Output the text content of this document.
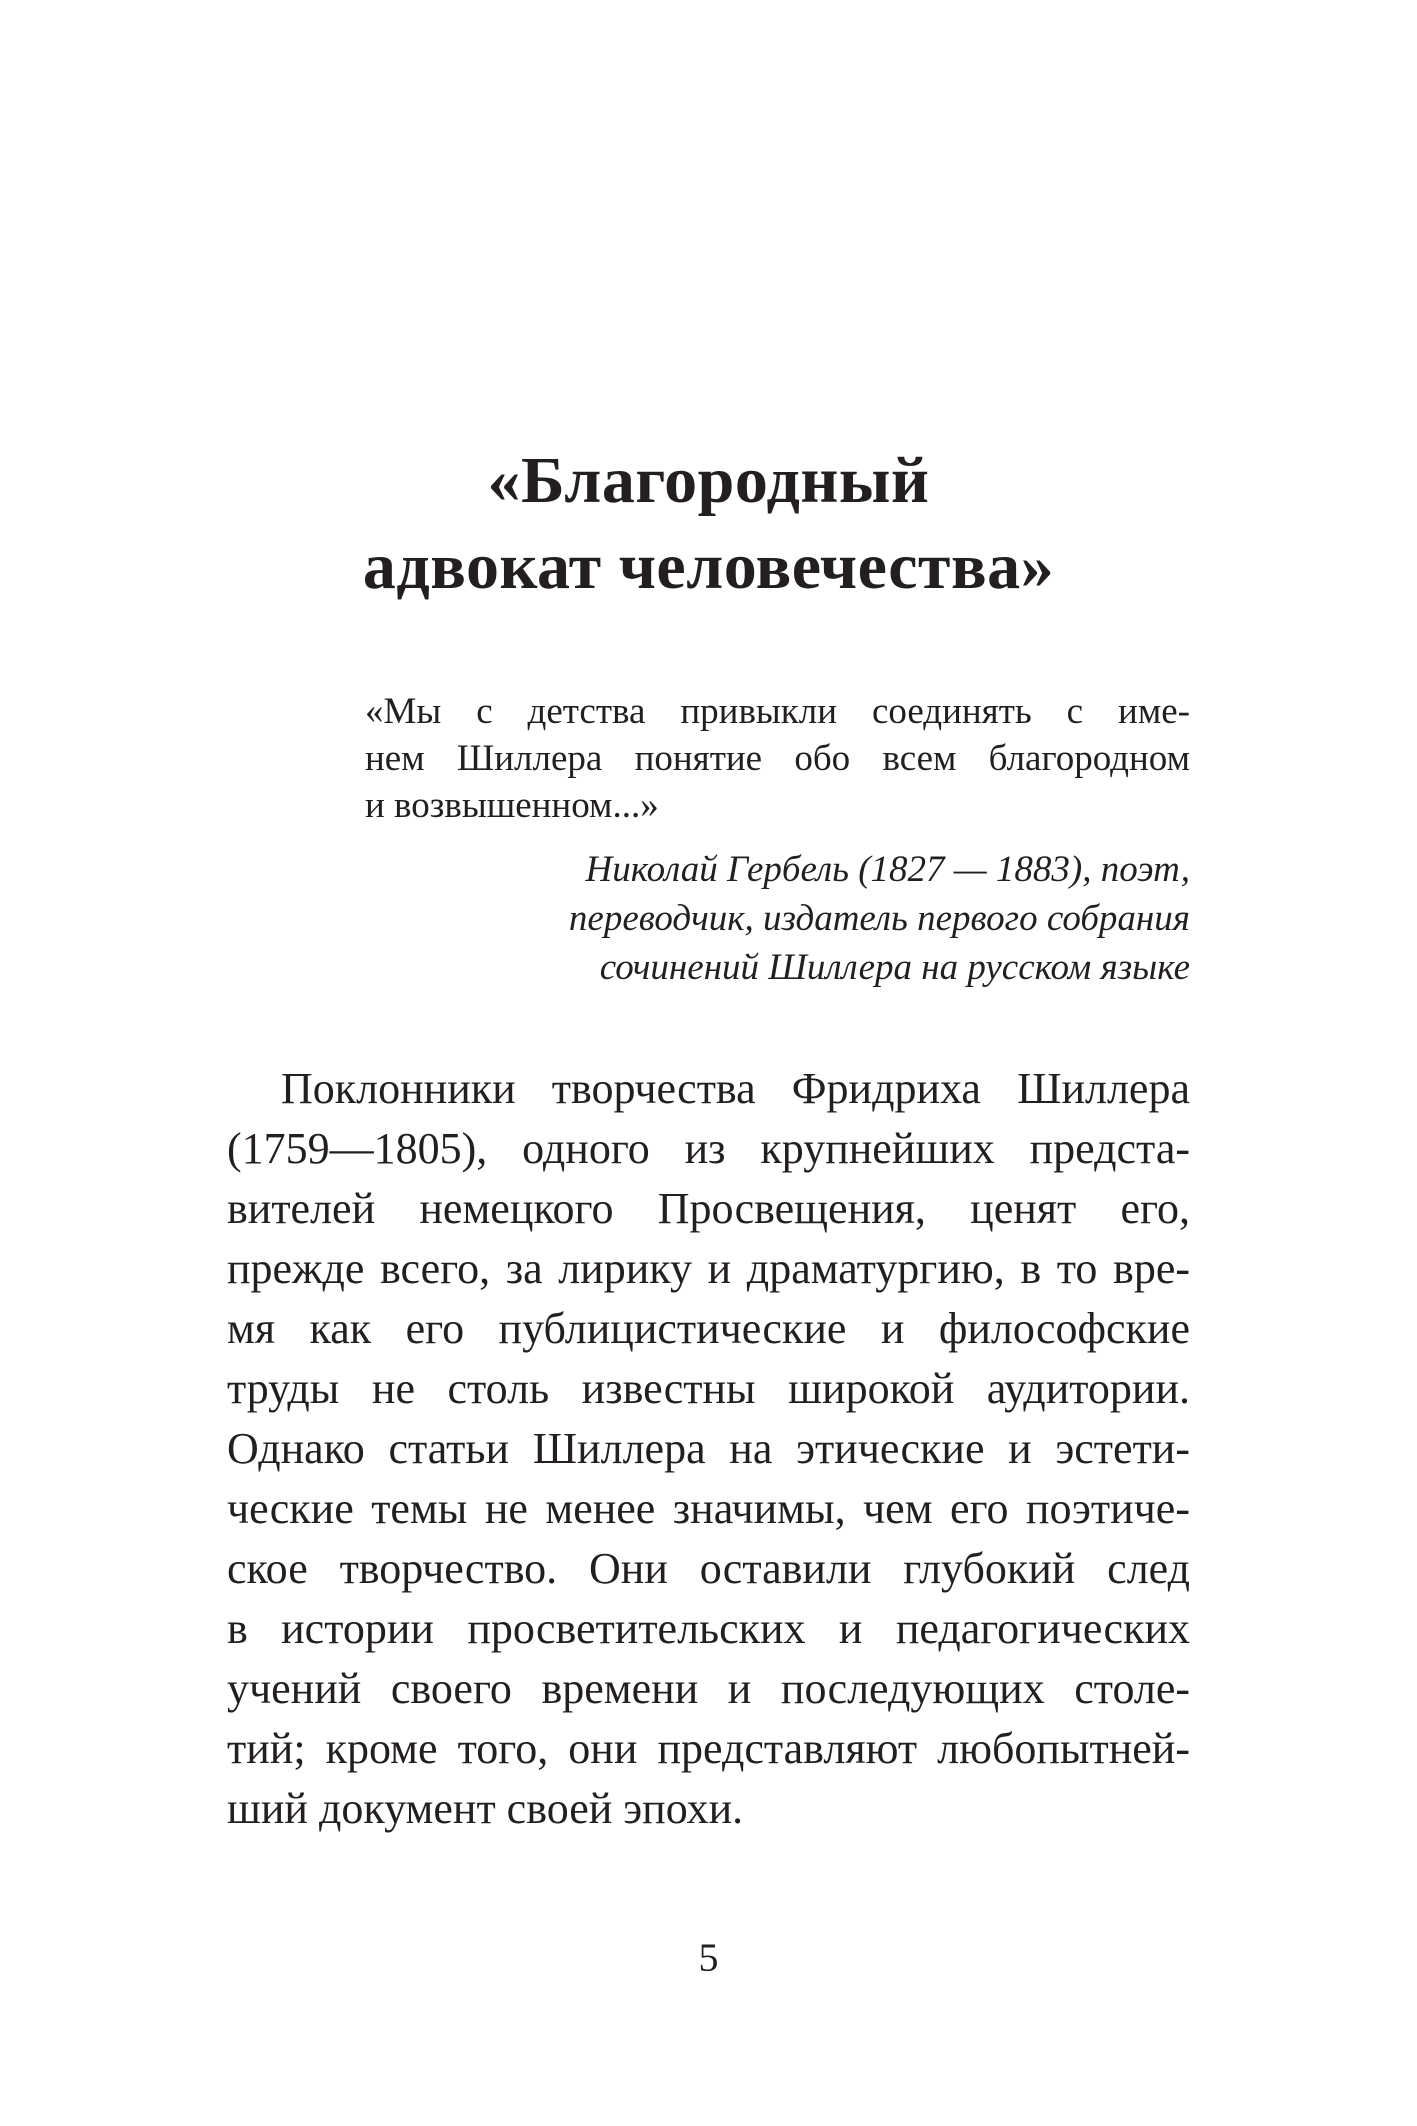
«Благородный
адвокат человечества»
«Мы с детства привыкли соединять с име-
нем Шиллера понятие обо всем благородном
и возвышенном...»
Николай Гербель (1827 — 1883), поэт,
переводчик, издатель первого собрания
сочинений Шиллера на русском языке
Поклонники творчества Фридриха Шиллера
(1759—1805), одного из крупнейших предста-
вителей немецкого Просвещения, ценят его,
прежде всего, за лирику и драматургию, в то вре-
мя как его публицистические и философские
труды не столь известны широкой аудитории.
Однако статьи Шиллера на этические и эстети-
ческие темы не менее значимы, чем его поэтиче-
ское творчество. Они оставили глубокий след
в истории просветительских и педагогических
учений своего времени и последующих столе-
тий; кроме того, они представляют любопытней-
ший документ своей эпохи.
5
